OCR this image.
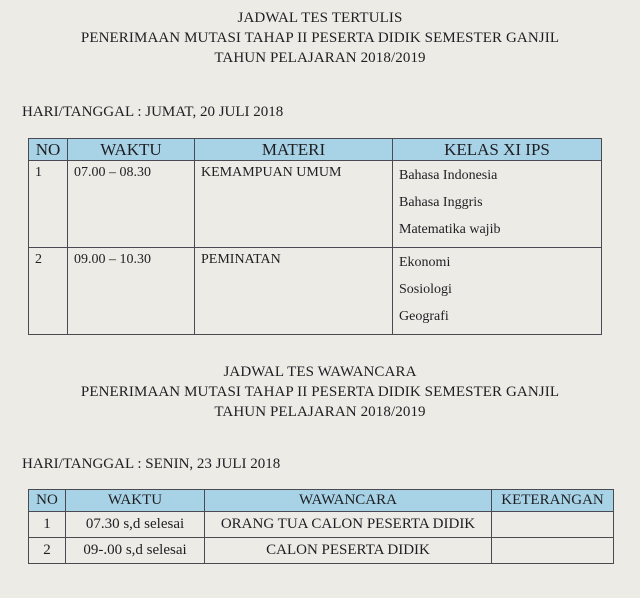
JADWAL TES TERTULIS
PENERIMAAN MUTASI TAHAP II PESERTA DIDIK SEMESTER GANJIL
TAHUN PELAJARAN 2018/2019
HARI/TANGGAL : JUMAT, 20 JULI 2018
NO	WAKTU	MATERI	KELAS XI IPS
1	07.00 – 08.30	KEMAMPUAN UMUM	Bahasa Indonesia
Bahasa Inggris
Matematika wajib

2	09.00 – 10.30	PEMINATAN	Ekonomi
Sosiologi
Geografi
JADWAL TES WAWANCARA
PENERIMAAN MUTASI TAHAP II PESERTA DIDIK SEMESTER GANJIL
TAHUN PELAJARAN 2018/2019
HARI/TANGGAL : SENIN, 23 JULI 2018
NO	WAKTU	WAWANCARA	KETERANGAN
1	07.30 s,d selesai	ORANG TUA CALON PESERTA DIDIK	
2	09-.00 s,d selesai	CALON PESERTA DIDIK	
